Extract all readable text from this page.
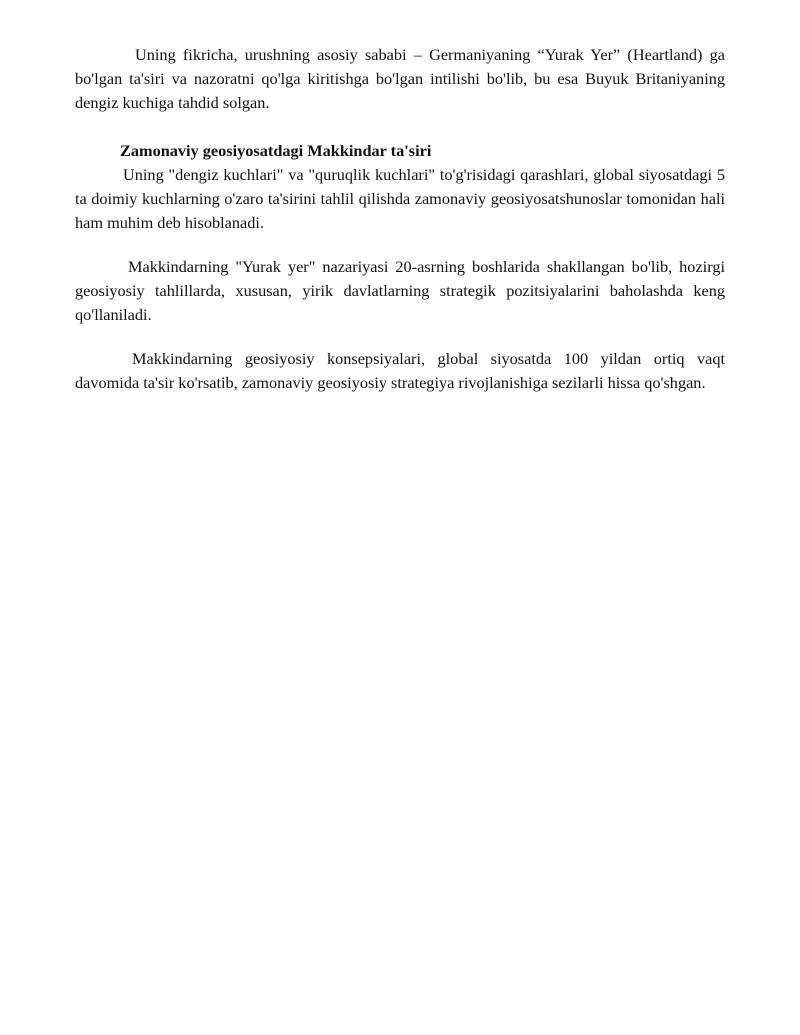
Uning fikricha, urushning asosiy sababi – Germaniyaning “Yurak Yer” (Heartland) ga bo'lgan ta'siri va nazoratni qo'lga kiritishga bo'lgan intilishi bo'lib, bu esa Buyuk Britaniyaning dengiz kuchiga tahdid solgan.

Zamonaviy geosiyosatdagi Makkindar ta'siri

Uning "dengiz kuchlari" va "quruqlik kuchlari" to'g'risidagi qarashlari, global siyosatdagi 5 ta doimiy kuchlarning o'zaro ta'sirini tahlil qilishda zamonaviy geosiyosatshunoslar tomonidan hali ham muhim deb hisoblanadi.

Makkindarning "Yurak yer" nazariyasi 20-asrning boshlarida shakllangan bo'lib, hozirgi geosiyosiy tahlillarda, xususan, yirik davlatlarning strategik pozitsiyalarini baholashda keng qo'llaniladi.

Makkindarning geosiyosiy konsepsiyalari, global siyosatda 100 yildan ortiq vaqt davomida ta'sir ko'rsatib, zamonaviy geosiyosiy strategiya rivojlanishiga sezilarli hissa qo'shgan.
